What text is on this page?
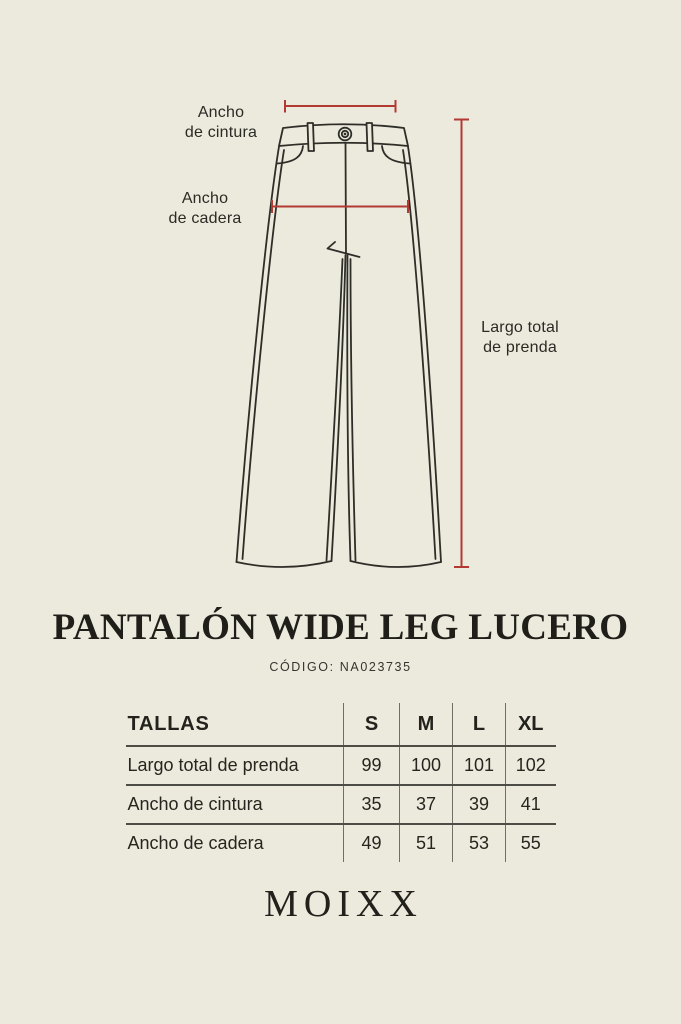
Ancho
de cintura
Ancho
de cadera
Largo total
de prenda
PANTALÓN WIDE LEG LUCERO
CÓDIGO: NA023735
TALLAS	S	M	L	XL
Largo total de prenda	99	100	101	102
Ancho de cintura	35	37	39	41
Ancho de cadera	49	51	53	55
MOIXX
